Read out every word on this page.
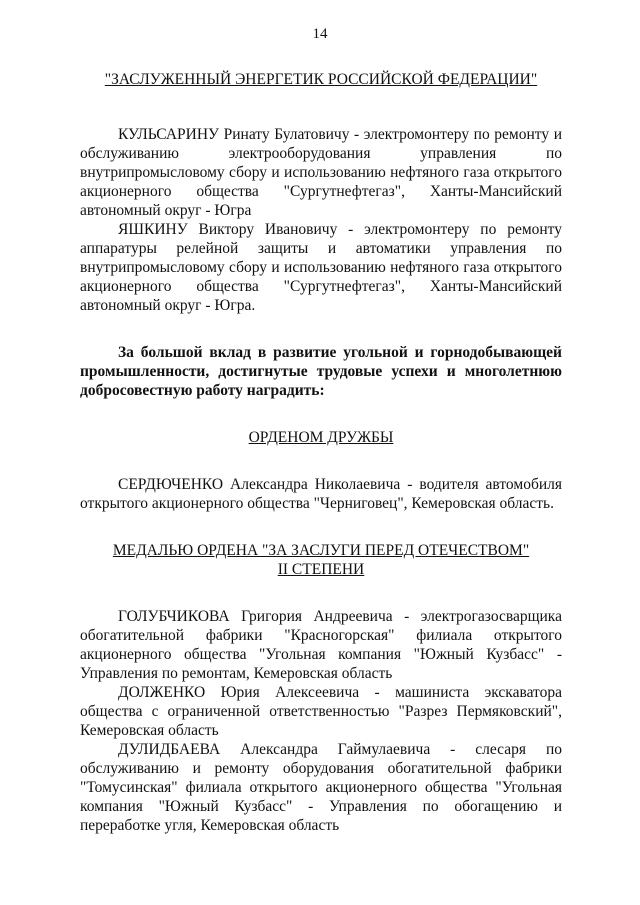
14

"ЗАСЛУЖЕННЫЙ ЭНЕРГЕТИК РОССИЙСКОЙ ФЕДЕРАЦИИ"

КУЛЬСАРИНУ Ринату Булатовичу - электромонтеру по ремонту и обслуживанию электрооборудования управления по внутрипромысловому сбору и использованию нефтяного газа открытого акционерного общества "Сургутнефтегаз", Ханты-Мансийский автономный округ - Югра

ЯШКИНУ Виктору Ивановичу - электромонтеру по ремонту аппаратуры релейной защиты и автоматики управления по внутрипромысловому сбору и использованию нефтяного газа открытого акционерного общества "Сургутнефтегаз", Ханты-Мансийский автономный округ - Югра.

За большой вклад в развитие угольной и горнодобывающей промышленности, достигнутые трудовые успехи и многолетнюю добросовестную работу наградить:

ОРДЕНОМ ДРУЖБЫ

СЕРДЮЧЕНКО Александра Николаевича - водителя автомобиля открытого акционерного общества "Черниговец", Кемеровская область.

МЕДАЛЬЮ ОРДЕНА "ЗА ЗАСЛУГИ ПЕРЕД ОТЕЧЕСТВОМ"

II СТЕПЕНИ

ГОЛУБЧИКОВА Григория Андреевича - электрогазосварщика обогатительной фабрики "Красногорская" филиала открытого акционерного общества "Угольная компания "Южный Кузбасс" - Управления по ремонтам, Кемеровская область

ДОЛЖЕНКО Юрия Алексеевича - машиниста экскаватора общества с ограниченной ответственностью "Разрез Пермяковский", Кемеровская область

ДУЛИДБАЕВА Александра Гаймулаевича - слесаря по обслуживанию и ремонту оборудования обогатительной фабрики "Томусинская" филиала открытого акционерного общества "Угольная компания "Южный Кузбасс" - Управления по обогащению и переработке угля, Кемеровская область
